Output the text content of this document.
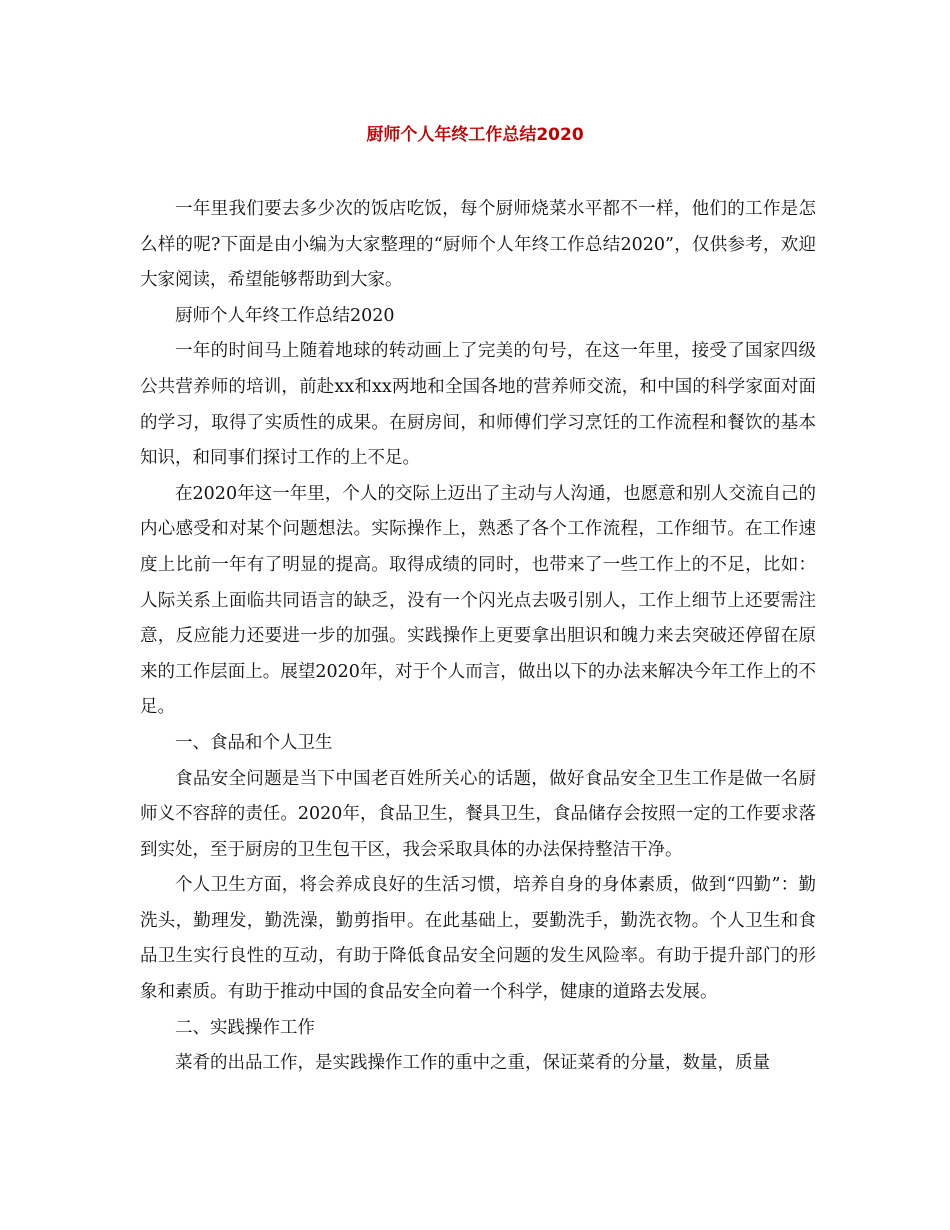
厨师个人年终工作总结2020

一年里我们要去多少次的饭店吃饭，每个厨师烧菜水平都不一样，他们的工作是怎么样的呢?下面是由小编为大家整理的“厨师个人年终工作总结2020”，仅供参考，欢迎大家阅读，希望能够帮助到大家。

厨师个人年终工作总结2020

一年的时间马上随着地球的转动画上了完美的句号，在这一年里，接受了国家四级公共营养师的培训，前赴xx和xx两地和全国各地的营养师交流，和中国的科学家面对面的学习，取得了实质性的成果。在厨房间，和师傅们学习烹饪的工作流程和餐饮的基本知识，和同事们探讨工作的上不足。

在2020年这一年里，个人的交际上迈出了主动与人沟通，也愿意和别人交流自己的内心感受和对某个问题想法。实际操作上，熟悉了各个工作流程，工作细节。在工作速度上比前一年有了明显的提高。取得成绩的同时，也带来了一些工作上的不足，比如：人际关系上面临共同语言的缺乏，没有一个闪光点去吸引别人，工作上细节上还要需注意，反应能力还要进一步的加强。实践操作上更要拿出胆识和魄力来去突破还停留在原来的工作层面上。展望2020年，对于个人而言，做出以下的办法来解决今年工作上的不足。

一、食品和个人卫生

食品安全问题是当下中国老百姓所关心的话题，做好食品安全卫生工作是做一名厨师义不容辞的责任。2020年，食品卫生，餐具卫生，食品储存会按照一定的工作要求落到实处，至于厨房的卫生包干区，我会采取具体的办法保持整洁干净。

个人卫生方面，将会养成良好的生活习惯，培养自身的身体素质，做到“四勤”：勤洗头，勤理发，勤洗澡，勤剪指甲。在此基础上，要勤洗手，勤洗衣物。个人卫生和食品卫生实行良性的互动，有助于降低食品安全问题的发生风险率。有助于提升部门的形象和素质。有助于推动中国的食品安全向着一个科学，健康的道路去发展。

二、实践操作工作

菜肴的出品工作，是实践操作工作的重中之重，保证菜肴的分量，数量，质量
